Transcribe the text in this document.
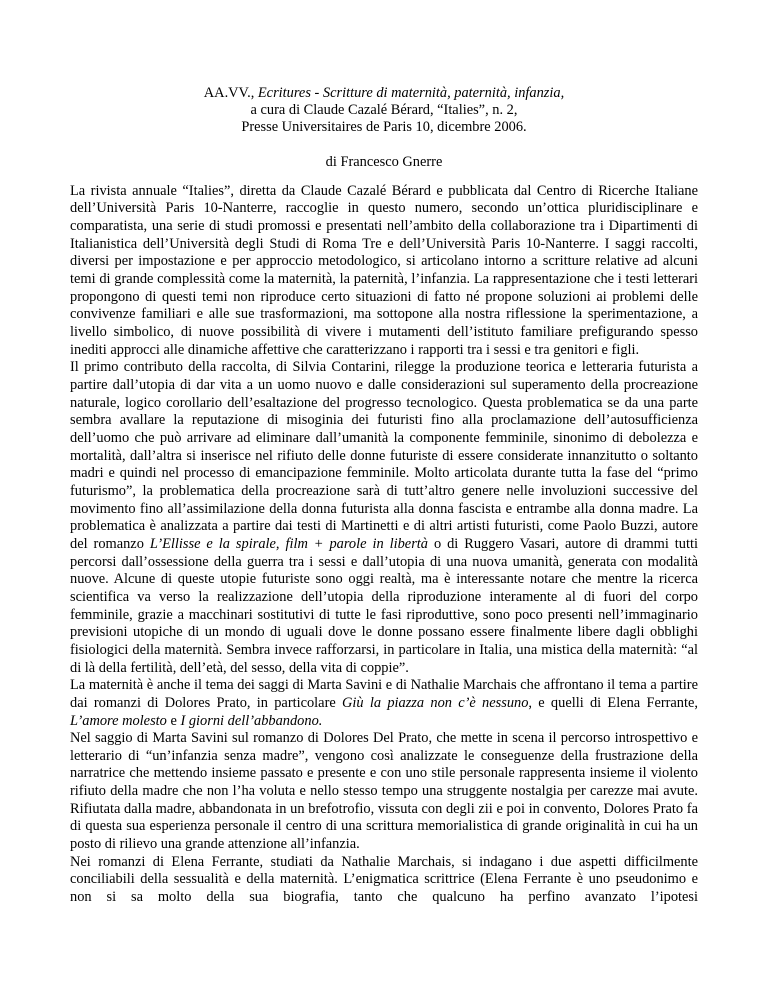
AA.VV., Ecritures - Scritture di maternità, paternità, infanzia,
a cura di Claude Cazalé Bérard, “Italies”, n. 2,
Presse Universitaires de Paris 10, dicembre 2006.
di Francesco Gnerre

La rivista annuale “Italies”, diretta da Claude Cazalé Bérard e pubblicata dal Centro di Ricerche Italiane dell’Università Paris 10-Nanterre, raccoglie in questo numero, secondo un’ottica pluridisciplinare e comparatista, una serie di studi promossi e presentati nell’ambito della collaborazione tra i Dipartimenti di Italianistica dell’Università degli Studi di Roma Tre e dell’Università Paris 10-Nanterre. I saggi raccolti, diversi per impostazione e per approccio metodologico, si articolano intorno a scritture relative ad alcuni temi di grande complessità come la maternità, la paternità, l’infanzia. La rappresentazione che i testi letterari propongono di questi temi non riproduce certo situazioni di fatto né propone soluzioni ai problemi delle convivenze familiari e alle sue trasformazioni, ma sottopone alla nostra riflessione la sperimentazione, a livello simbolico, di nuove possibilità di vivere i mutamenti dell’istituto familiare prefigurando spesso inediti approcci alle dinamiche affettive che caratterizzano i rapporti tra i sessi e tra genitori e figli.

Il primo contributo della raccolta, di Silvia Contarini, rilegge la produzione teorica e letteraria futurista a partire dall’utopia di dar vita a un uomo nuovo e dalle considerazioni sul superamento della procreazione naturale, logico corollario dell’esaltazione del progresso tecnologico. Questa problematica se da una parte sembra avallare la reputazione di misoginia dei futuristi fino alla proclamazione dell’autosufficienza dell’uomo che può arrivare ad eliminare dall’umanità la componente femminile, sinonimo di debolezza e mortalità, dall’altra si inserisce nel rifiuto delle donne futuriste di essere considerate innanzitutto o soltanto madri e quindi nel processo di emancipazione femminile. Molto articolata durante tutta la fase del “primo futurismo”, la problematica della procreazione sarà di tutt’altro genere nelle involuzioni successive del movimento fino all’assimilazione della donna futurista alla donna fascista e entrambe alla donna madre. La problematica è analizzata a partire dai testi di Martinetti e di altri artisti futuristi, come Paolo Buzzi, autore del romanzo L’Ellisse e la spirale, film + parole in libertà o di Ruggero Vasari, autore di drammi tutti percorsi dall’ossessione della guerra tra i sessi e dall’utopia di una nuova umanità, generata con modalità nuove. Alcune di queste utopie futuriste sono oggi realtà, ma è interessante notare che mentre la ricerca scientifica va verso la realizzazione dell’utopia della riproduzione interamente al di fuori del corpo femminile, grazie a macchinari sostitutivi di tutte le fasi riproduttive, sono poco presenti nell’immaginario previsioni utopiche di un mondo di uguali dove le donne possano essere finalmente libere dagli obblighi fisiologici della maternità. Sembra invece rafforzarsi, in particolare in Italia, una mistica della maternità: “al di là della fertilità, dell’età, del sesso, della vita di coppie”.

La maternità è anche il tema dei saggi di Marta Savini e di Nathalie Marchais che affrontano il tema a partire dai romanzi di Dolores Prato, in particolare Giù la piazza non c’è nessuno, e quelli di Elena Ferrante, L’amore molesto e I giorni dell’abbandono.

Nel saggio di Marta Savini sul romanzo di Dolores Del Prato, che mette in scena il percorso introspettivo e letterario di “un’infanzia senza madre”, vengono così analizzate le conseguenze della frustrazione della narratrice che mettendo insieme passato e presente e con uno stile personale rappresenta insieme il violento rifiuto della madre che non l’ha voluta e nello stesso tempo una struggente nostalgia per carezze mai avute. Rifiutata dalla madre, abbandonata in un brefotrofio, vissuta con degli zii e poi in convento, Dolores Prato fa di questa sua esperienza personale il centro di una scrittura memorialistica di grande originalità in cui ha un posto di rilievo una grande attenzione all’infanzia.

Nei romanzi di Elena Ferrante, studiati da Nathalie Marchais, si indagano i due aspetti difficilmente conciliabili della sessualità e della maternità. L’enigmatica scrittrice (Elena Ferrante è uno pseudonimo e non si sa molto della sua biografia, tanto che qualcuno ha perfino avanzato l’ipotesi
